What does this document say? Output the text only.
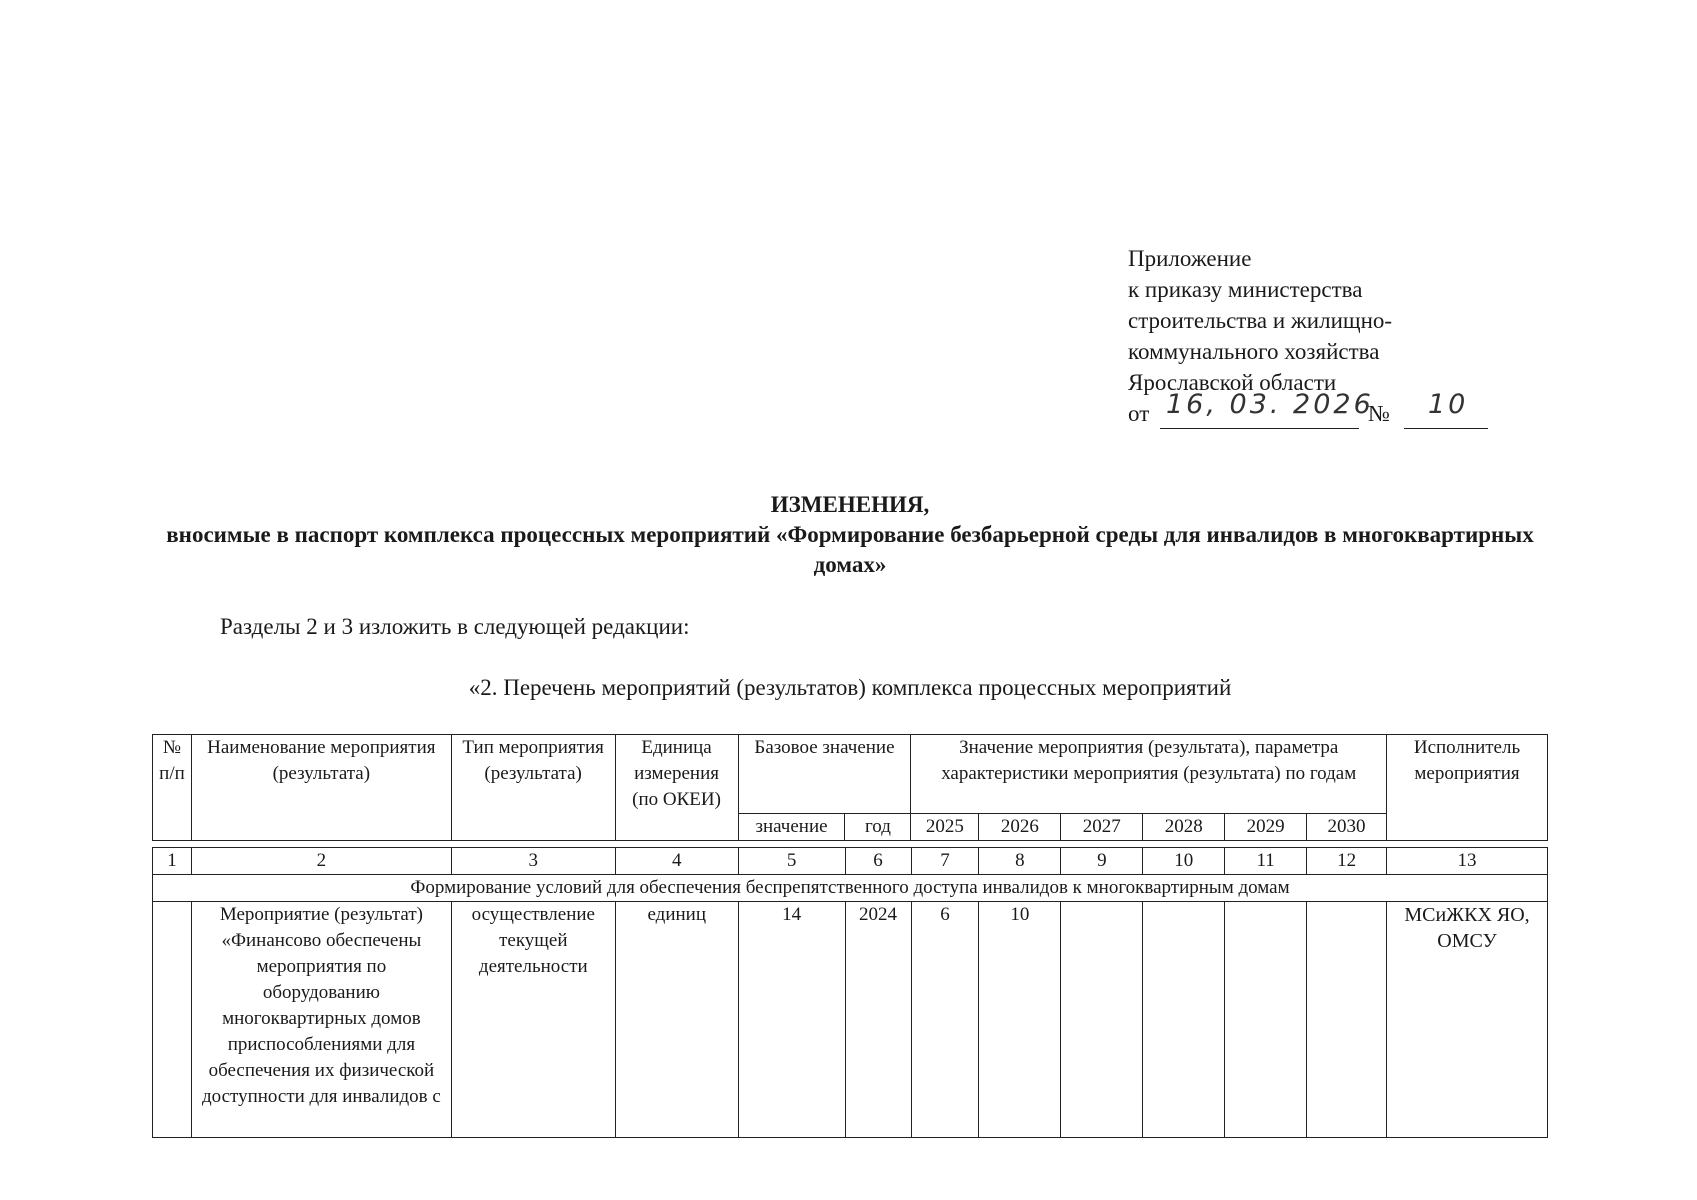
Приложение
к приказу министерства
строительства и жилищно-
коммунального хозяйства
Ярославской области
от 16, 03. 2026
№ 10
ИЗМЕНЕНИЯ,
вносимые в паспорт комплекса процессных мероприятий «Формирование безбарьерной среды для инвалидов в многоквартирных домах»
Разделы 2 и 3 изложить в следующей редакции:
«2. Перечень мероприятий (результатов) комплекса процессных мероприятий
№ п/п	Наименование мероприятия (результата)	Тип мероприятия (результата)	Единица измерения (по ОКЕИ)	Базовое значение		Значение мероприятия (результата), параметра характеристики мероприятия (результата) по годам						Исполнитель мероприятия
				значение	год	2025	2026	2027	2028	2029	2030	
1	2	3	4	5	6	7	8	9	10	11	12	13
Формирование условий для обеспечения беспрепятственного доступа инвалидов к многоквартирным домам												
	Мероприятие (результат) «Финансово обеспечены мероприятия по оборудованию многоквартирных домов приспособлениями для обеспечения их физической доступности для инвалидов с	осуществление текущей деятельности	единиц	14	2024	6	10					МСиЖКХ ЯО, ОМСУ
